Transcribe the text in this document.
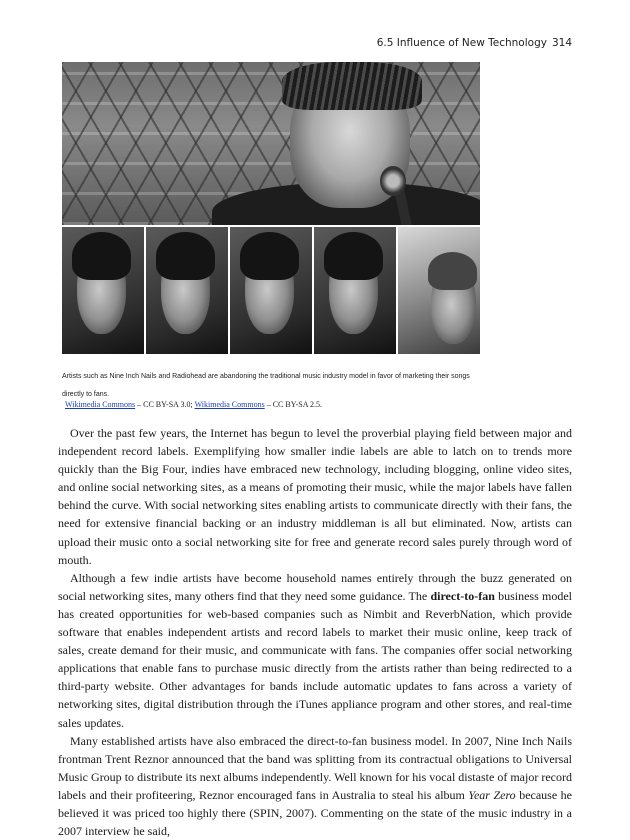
6.5 Influence of New Technology 314
Artists such as Nine Inch Nails and Radiohead are abandoning the traditional music industry model in favor of marketing their songs directly to fans.
Wikimedia Commons – CC BY-SA 3.0; Wikimedia Commons – CC BY-SA 2.5.

Over the past few years, the Internet has begun to level the proverbial playing field between major and independent record labels. Exemplifying how smaller indie labels are able to latch on to trends more quickly than the Big Four, indies have embraced new technology, including blogging, online video sites, and online social networking sites, as a means of promoting their music, while the major labels have fallen behind the curve. With social networking sites enabling artists to communicate directly with their fans, the need for extensive financial backing or an industry middleman is all but eliminated. Now, artists can upload their music onto a social networking site for free and generate record sales purely through word of mouth.

Although a few indie artists have become household names entirely through the buzz generated on social networking sites, many others find that they need some guidance. The direct-to-fan business model has created opportunities for web-based companies such as Nimbit and ReverbNation, which provide software that enables independent artists and record labels to market their music online, keep track of sales, create demand for their music, and communicate with fans. The companies offer social networking applications that enable fans to purchase music directly from the artists rather than being redirected to a third-party website. Other advantages for bands include automatic updates to fans across a variety of networking sites, digital distribution through the iTunes appliance program and other stores, and real-time sales updates.

Many established artists have also embraced the direct-to-fan business model. In 2007, Nine Inch Nails frontman Trent Reznor announced that the band was splitting from its contractual obligations to Universal Music Group to distribute its next albums independently. Well known for his vocal distaste of major record labels and their profiteering, Reznor encouraged fans in Australia to steal his album Year Zero because he believed it was priced too highly there (SPIN, 2007). Commenting on the state of the music industry in a 2007 interview he said,
